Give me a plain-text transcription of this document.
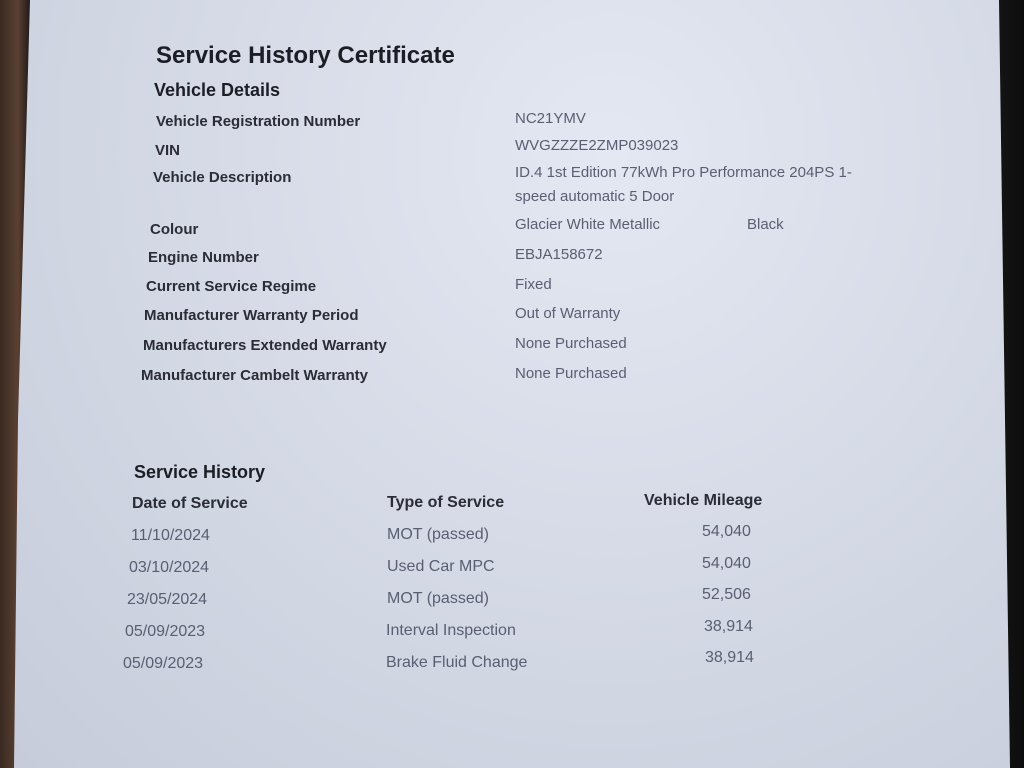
Service History Certificate
Vehicle Details
Vehicle Registration Number	NC21YMV
VIN	WVGZZZE2ZMP039023
Vehicle Description	ID.4 1st Edition 77kWh Pro Performance 204PS 1-
speed automatic 5 Door
Colour	Glacier White Metallic	Black
Engine Number	EBJA158672
Current Service Regime	Fixed
Manufacturer Warranty Period	Out of Warranty
Manufacturers Extended Warranty	None Purchased
Manufacturer Cambelt Warranty	None Purchased
Service History
Date of Service	Type of Service	Vehicle Mileage
11/10/2024	MOT (passed)	54,040
03/10/2024	Used Car MPC	54,040
23/05/2024	MOT (passed)	52,506
05/09/2023	Interval Inspection	38,914
05/09/2023	Brake Fluid Change	38,914
